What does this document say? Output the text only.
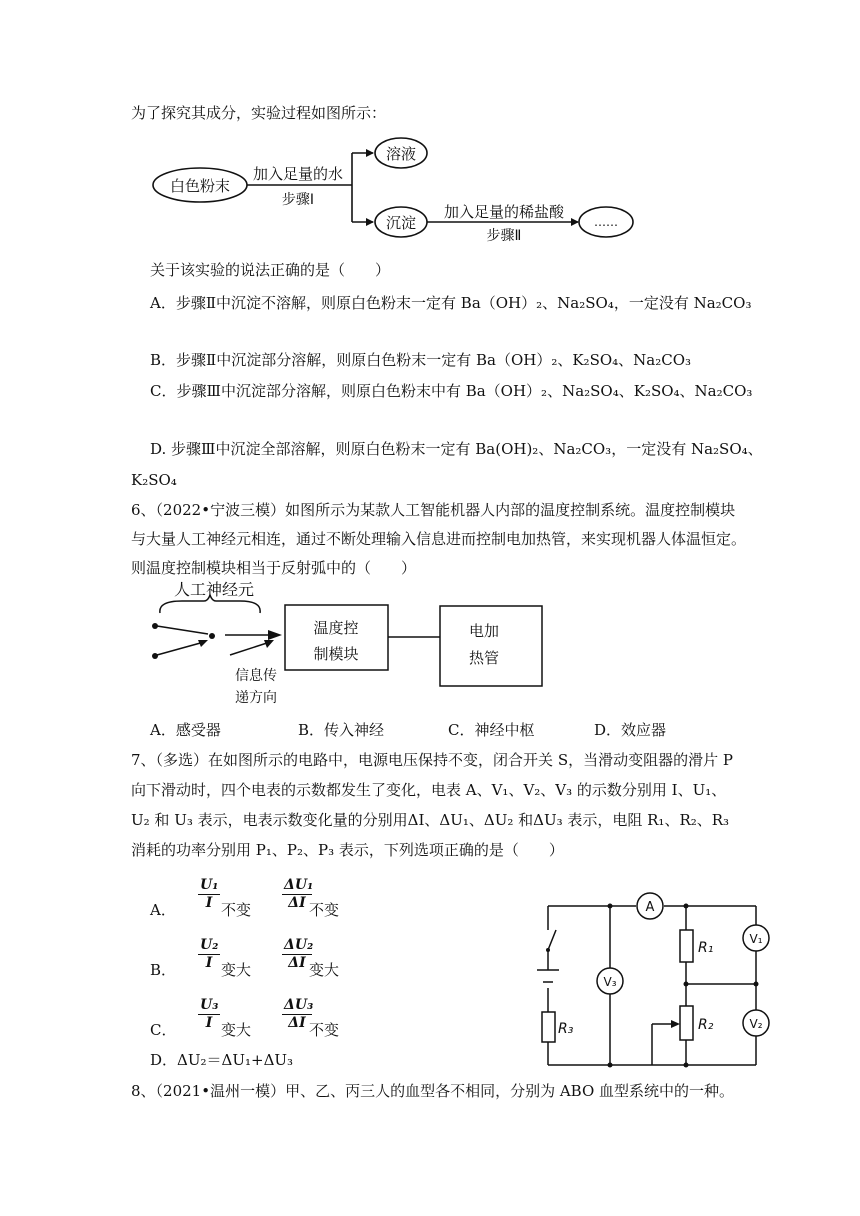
为了探究其成分，实验过程如图所示：
白色粉末
加入足量的水
步骤Ⅰ
溶液
沉淀
加入足量的稀盐酸
步骤Ⅱ
……
关于该实验的说法正确的是（　　）
A．步骤Ⅱ中沉淀不溶解，则原白色粉末一定有 Ba（OH）₂、Na₂SO₄，一定没有 Na₂CO₃
B．步骤Ⅱ中沉淀部分溶解，则原白色粉末一定有 Ba（OH）₂、K₂SO₄、Na₂CO₃
C．步骤Ⅲ中沉淀部分溶解，则原白色粉末中有 Ba（OH）₂、Na₂SO₄、K₂SO₄、Na₂CO₃
D. 步骤Ⅲ中沉淀全部溶解，则原白色粉末一定有 Ba(OH)₂、Na₂CO₃，一定没有 Na₂SO₄、
K₂SO₄
6、（2022•宁波三模）如图所示为某款人工智能机器人内部的温度控制系统。温度控制模块
与大量人工神经元相连，通过不断处理输入信息进而控制电加热管，来实现机器人体温恒定。
则温度控制模块相当于反射弧中的（　　）
人工神经元
温度控
制模块
电加
热管
信息传
递方向
A．感受器	B．传入神经	C．神经中枢	D．效应器
7、（多选）在如图所示的电路中，电源电压保持不变，闭合开关 S，当滑动变阻器的滑片 P
向下滑动时，四个电表的示数都发生了变化，电表 A、V₁、V₂、V₃ 的示数分别用 I、U₁、
U₂ 和 U₃ 表示，电表示数变化量的分别用ΔI、ΔU₁、ΔU₂ 和ΔU₃ 表示，电阻 R₁、R₂、R₃
消耗的功率分别用 P₁、P₂、P₃ 表示，下列选项正确的是（　　）
A． $\frac{\text{U₁}}{I}$ 不变 $\frac{\text{ΔU₁}}{\Delta I}$
不变
B． $\frac{\text{U₂}}{I}$ 变大 $\frac{\text{ΔU₂}}{\Delta I}$
变大
C． $\frac{\text{U₃}}{I}$ 变大 $\frac{\text{ΔU₃}}{\Delta I}$
不变
D．ΔU₂＝ΔU₁+ΔU₃
A
V₃
V₁
V₂
R₁
R₂
R₃
8、（2021•温州一模）甲、乙、丙三人的血型各不相同，分别为 ABO 血型系统中的一种。
